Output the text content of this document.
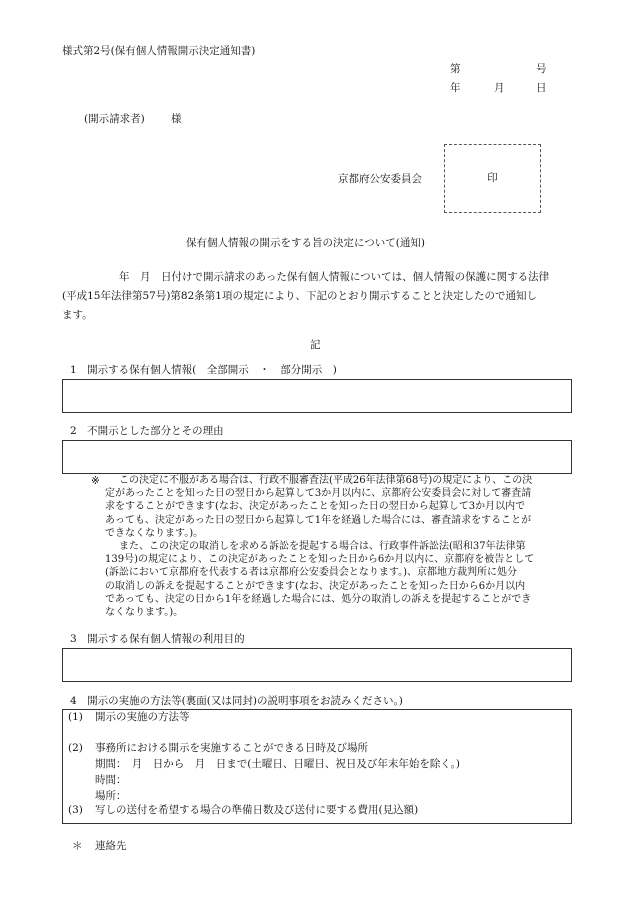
様式第2号(保有個人情報開示決定通知書)
第	号
年	月	日
(開示請求者)	様
京都府公安委員会	印
保有個人情報の開示をする旨の決定について(通知)
年　月　日付けで開示請求のあった保有個人情報については、個人情報の保護に関する法律
(平成15年法律第57号)第82条第1項の規定により、下記のとおり開示することと決定したので通知し
ます。
記
1　開示する保有個人情報(　全部開示　・　部分開示　)
2　不開示とした部分とその理由
※	この決定に不服がある場合は、行政不服審査法(平成26年法律第68号)の規定により、この決
定があったことを知った日の翌日から起算して3か月以内に、京都府公安委員会に対して審査請
求をすることができます(なお、決定があったことを知った日の翌日から起算して3か月以内で
あっても、決定があった日の翌日から起算して1年を経過した場合には、審査請求をすることが
できなくなります。)。
また、この決定の取消しを求める訴訟を提起する場合は、行政事件訴訟法(昭和37年法律第
139号)の規定により、この決定があったことを知った日から6か月以内に、京都府を被告として
(訴訟において京都府を代表する者は京都府公安委員会となります。)、京都地方裁判所に処分
の取消しの訴えを提起することができます(なお、決定があったことを知った日から6か月以内
であっても、決定の日から1年を経過した場合には、処分の取消しの訴えを提起することができ
なくなります。)。
3　開示する保有個人情報の利用目的
4　開示の実施の方法等(裏面(又は同封)の説明事項をお読みください。)
(1) 開示の実施の方法等
(2) 事務所における開示を実施することができる日時及び場所
期間：　月　日から　月　日まで(土曜日、日曜日、祝日及び年末年始を除く。)
時間：
場所：
(3) 写しの送付を希望する場合の準備日数及び送付に要する費用(見込額)
＊ 連絡先
